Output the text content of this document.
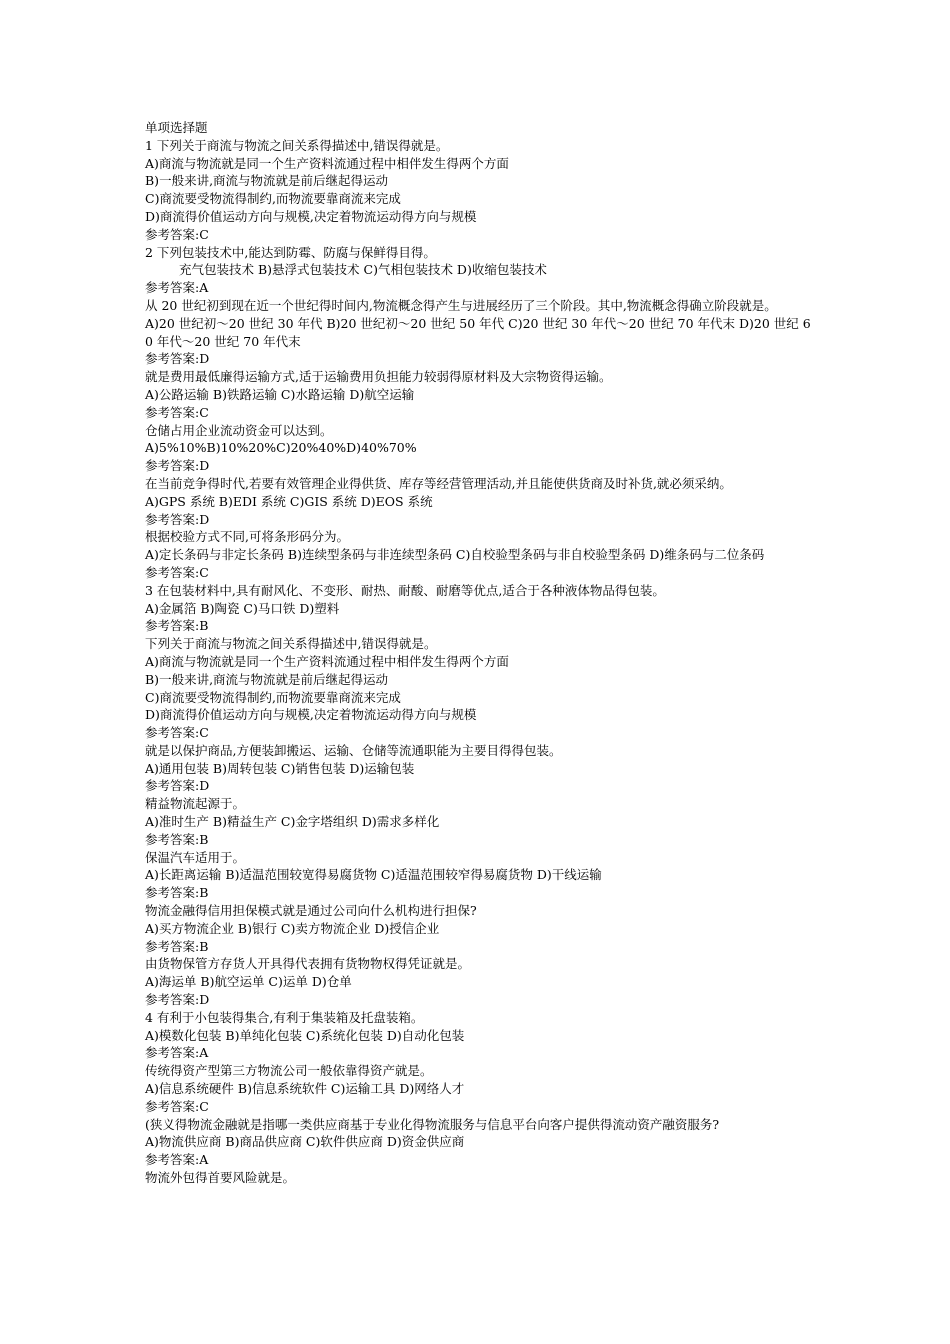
单项选择题
1 下列关于商流与物流之间关系得描述中,错误得就是。
A)商流与物流就是同一个生产资料流通过程中相伴发生得两个方面
B)一般来讲,商流与物流就是前后继起得运动
C)商流要受物流得制约,而物流要靠商流来完成
D)商流得价值运动方向与规模,决定着物流运动得方向与规模
参考答案:C
2 下列包装技术中,能达到防霉、防腐与保鲜得目得。
充气包装技术 B)悬浮式包装技术 C)气相包装技术 D)收缩包装技术
参考答案:A
从 20 世纪初到现在近一个世纪得时间内,物流概念得产生与进展经历了三个阶段。其中,物流概念得确立阶段就是。
A)20 世纪初～20 世纪 30 年代 B)20 世纪初～20 世纪 50 年代 C)20 世纪 30 年代～20 世纪 70 年代末 D)20 世纪 60 年代～20 世纪 70 年代末
参考答案:D
就是费用最低廉得运输方式,适于运输费用负担能力较弱得原材料及大宗物资得运输。
A)公路运输 B)铁路运输 C)水路运输 D)航空运输
参考答案:C
仓储占用企业流动资金可以达到。
A)5%10%B)10%20%C)20%40%D)40%70%
参考答案:D
在当前竞争得时代,若要有效管理企业得供货、库存等经营管理活动,并且能使供货商及时补货,就必须采纳。
A)GPS 系统 B)EDI 系统 C)GIS 系统 D)EOS 系统
参考答案:D
根据校验方式不同,可将条形码分为。
A)定长条码与非定长条码 B)连续型条码与非连续型条码 C)自校验型条码与非自校验型条码 D)维条码与二位条码
参考答案:C
3 在包装材料中,具有耐风化、不变形、耐热、耐酸、耐磨等优点,适合于各种液体物品得包装。
A)金属箔 B)陶瓷 C)马口铁 D)塑料
参考答案:B
下列关于商流与物流之间关系得描述中,错误得就是。
A)商流与物流就是同一个生产资料流通过程中相伴发生得两个方面
B)一般来讲,商流与物流就是前后继起得运动
C)商流要受物流得制约,而物流要靠商流来完成
D)商流得价值运动方向与规模,决定着物流运动得方向与规模
参考答案:C
就是以保护商品,方便装卸搬运、运输、仓储等流通职能为主要目得得包装。
A)通用包装 B)周转包装 C)销售包装 D)运输包装
参考答案:D
精益物流起源于。
A)准时生产 B)精益生产 C)金字塔组织 D)需求多样化
参考答案:B
保温汽车适用于。
A)长距离运输 B)适温范围较宽得易腐货物 C)适温范围较窄得易腐货物 D)干线运输
参考答案:B
物流金融得信用担保模式就是通过公司向什么机构进行担保?
A)买方物流企业 B)银行 C)卖方物流企业 D)授信企业
参考答案:B
由货物保管方存货人开具得代表拥有货物物权得凭证就是。
A)海运单 B)航空运单 C)运单 D)仓单
参考答案:D
4 有利于小包装得集合,有利于集装箱及托盘装箱。
A)模数化包装 B)单纯化包装 C)系统化包装 D)自动化包装
参考答案:A
传统得资产型第三方物流公司一般依靠得资产就是。
A)信息系统硬件 B)信息系统软件 C)运输工具 D)网络人才
参考答案:C
(狭义得物流金融就是指哪一类供应商基于专业化得物流服务与信息平台向客户提供得流动资产融资服务?
A)物流供应商 B)商品供应商 C)软件供应商 D)资金供应商
参考答案:A
物流外包得首要风险就是。
